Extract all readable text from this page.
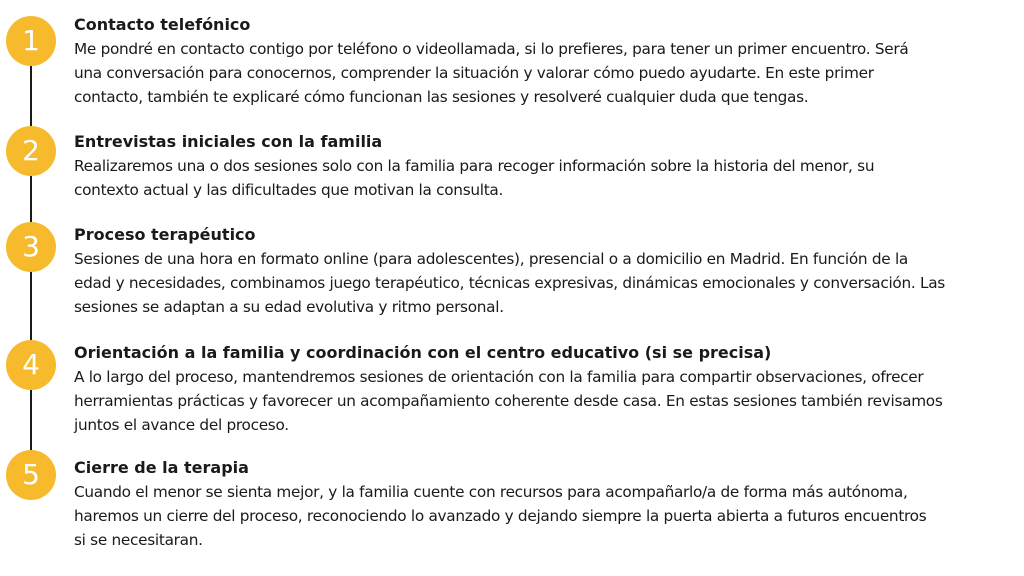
1	Contacto telefónico

Me pondré en contacto contigo por teléfono o videollamada, si lo prefieres, para tener un primer encuentro. Será
una conversación para conocernos, comprender la situación y valorar cómo puedo ayudarte. En este primer
contacto, también te explicaré cómo funcionan las sesiones y resolveré cualquier duda que tengas.

2	Entrevistas iniciales con la familia

Realizaremos una o dos sesiones solo con la familia para recoger información sobre la historia del menor, su
contexto actual y las dificultades que motivan la consulta.

3	Proceso terapéutico

Sesiones de una hora en formato online (para adolescentes), presencial o a domicilio en Madrid. En función de la
edad y necesidades, combinamos juego terapéutico, técnicas expresivas, dinámicas emocionales y conversación. Las
sesiones se adaptan a su edad evolutiva y ritmo personal.

4	Orientación a la familia y coordinación con el centro educativo (si se precisa)

A lo largo del proceso, mantendremos sesiones de orientación con la familia para compartir observaciones, ofrecer
herramientas prácticas y favorecer un acompañamiento coherente desde casa. En estas sesiones también revisamos
juntos el avance del proceso.

5	Cierre de la terapia

Cuando el menor se sienta mejor, y la familia cuente con recursos para acompañarlo/a de forma más autónoma,
haremos un cierre del proceso, reconociendo lo avanzado y dejando siempre la puerta abierta a futuros encuentros
si se necesitaran.
